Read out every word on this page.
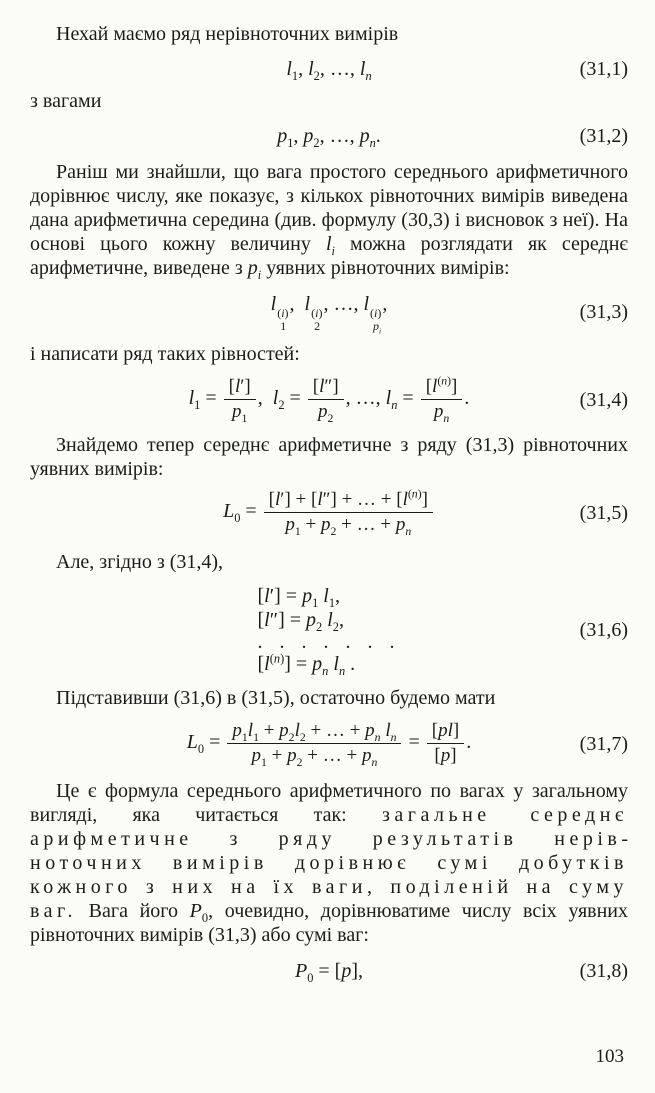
Нехай маємо ряд нерівноточних вимірів

$l_1$, $l_2$, …, $l_n$	(31,1)

з вагами

$p_1$, $p_2$, …, $p_n$.	(31,2)

Раніш ми знайшли, що вага простого середнього арифметичного дорівнює числу, яке показує, з кількох рівноточних вимірів виведена дана арифметична середина (див. формулу (30,3) і висновок з неї). На основі цього кожну величину $l_i$ можна розглядати як середнє арифметичне, виведене з $p_i$ уявних рівноточних вимірів:

l (i)
1
,  l (i)
2
, …, l (i)
$p_i$
,	(31,3)

і написати ряд таких рівностей:

$l_1 = \frac{[l']}{p_1}$ ,  $l_2 = \frac{[l'']}{p_2}$ , …, $l_n = \frac{[l^{(n)}]}{p_n}$ .	(31,4)

Знайдемо тепер середнє арифметичне з ряду (31,3) рівноточних уявних вимірів:

$L_0 = \frac{[l'] + [l''] + \dots + [l^{(n)}]}{p_1 + p_2 + \dots + p_n}$	(31,5)

Але, згідно з (31,4),

$[l'] = p_1$ $l_1$,
$[l''] = p_2$ $l_2$,
. . . . . . .
$[l^{(n)}] = p_n$ $l_n$ .
(31,6)

Підставивши (31,6) в (31,5), остаточно будемо мати

$L_0 = \frac{p_1l_1 + p_2l_2 + \dots + p_n l_n}{p_1 + p_2 + \dots + p_n} = \frac{[pl]}{[p]}$ .	(31,7)

Це є формула середнього арифметичного по вагах у загальному вигляді, яка читається так: загальне середнє арифметичне з ряду результатів нерівноточних вимірів дорівнює сумі добутків кожного з них на їх ваги, поділеній на суму ваг. Вага його $P_0$, очевидно, дорівнюватиме числу всіх уявних рівноточних вимірів (31,3) або сумі ваг:

$P_0 = [p]$,	(31,8)
103
